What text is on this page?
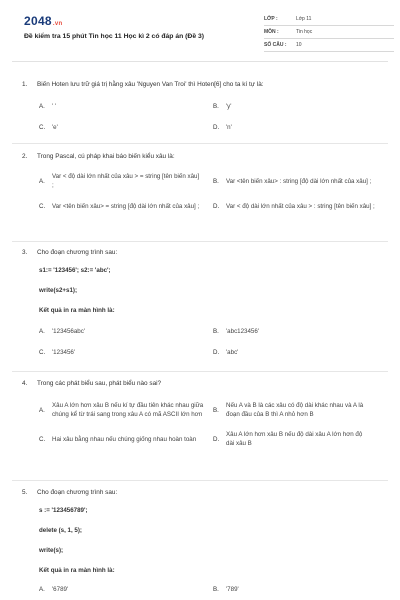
2048.vn
Đề kiểm tra 15 phút Tin học 11 Học kì 2 có đáp án (Đề 3)
LỚP :	Lớp 11
MÔN :	Tin học
SỐ CÂU :	10
1.	Biến Hoten lưu trữ giá trị hằng xâu 'Nguyen Van Troi' thì Hoten[6] cho ta kí tự là:
A.	' '	B.	'y'
C.	'e'	D.	'n'
2.	Trong Pascal, cú pháp khai báo biến kiểu xâu là:
A.
Var < độ dài lớn nhất của xâu > = string [tên biến xâu] ;
B.	Var <tên biến xâu> : string [độ dài lớn nhất của xâu] ;
C.	Var <tên biến xâu> = string [độ dài lớn nhất của xâu] ;	D.	Var < độ dài lớn nhất của xâu > : string [tên biến xâu] ;
3.	Cho đoạn chương trình sau:
s1:= '123456'; s2:= 'abc';
write(s2+s1);
Kết quả in ra màn hình là:
A.	'123456abc'	B.	'abc123456'
C.	'123456'	D.	'abc'
4.	Trong các phát biểu sau, phát biểu nào sai?
A.
Xâu A lớn hơn xâu B nếu kí tự đầu tiên khác nhau giữa chúng kể từ trái sang trong xâu A có mã ASCII lớn hơn
B.
Nếu A và B là các xâu có độ dài khác nhau và A là đoạn đầu của B thì A nhỏ hơn B
C.	Hai xâu bằng nhau nếu chúng giống nhau hoàn toàn	D.
Xâu A lớn hơn xâu B nếu độ dài xâu A lớn hơn độ dài xâu B
5.	Cho đoạn chương trình sau:
s := '123456789';
delete (s, 1, 5);
write(s);
Kết quả in ra màn hình là:
A.	'6789'	B.	'789'
